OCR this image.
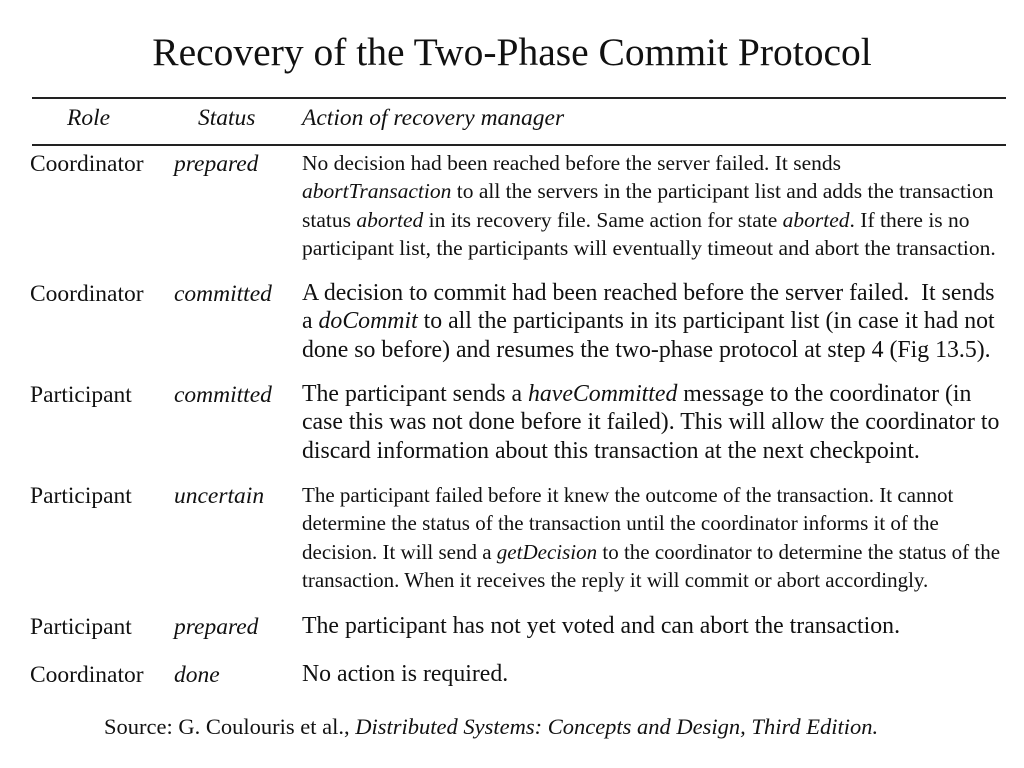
Recovery of the Two-Phase Commit Protocol
Role	Status Action of recovery manager
Coordinator prepared No decision had been reached before the server failed. It sends
abortTransaction to all the servers in the participant list and adds the transaction
status aborted in its recovery file. Same action for state aborted. If there is no
participant list, the participants will eventually timeout and abort the transaction.
Coordinator committed A decision to commit had been reached before the server failed.  It sends
a doCommit to all the participants in its participant list (in case it had not
done so before) and resumes the two-phase protocol at step 4 (Fig 13.5).
Participant committed The participant sends a haveCommitted message to the coordinator (in
case this was not done before it failed). This will allow the coordinator to
discard information about this transaction at the next checkpoint.
Participant uncertain The participant failed before it knew the outcome of the transaction. It cannot
determine the status of the transaction until the coordinator informs it of the
decision. It will send a getDecision to the coordinator to determine the status of the
transaction. When it receives the reply it will commit or abort accordingly.
Participant prepared The participant has not yet voted and can abort the transaction.
Coordinator done	No action is required.
Source: G. Coulouris et al., Distributed Systems: Concepts and Design, Third Edition.
